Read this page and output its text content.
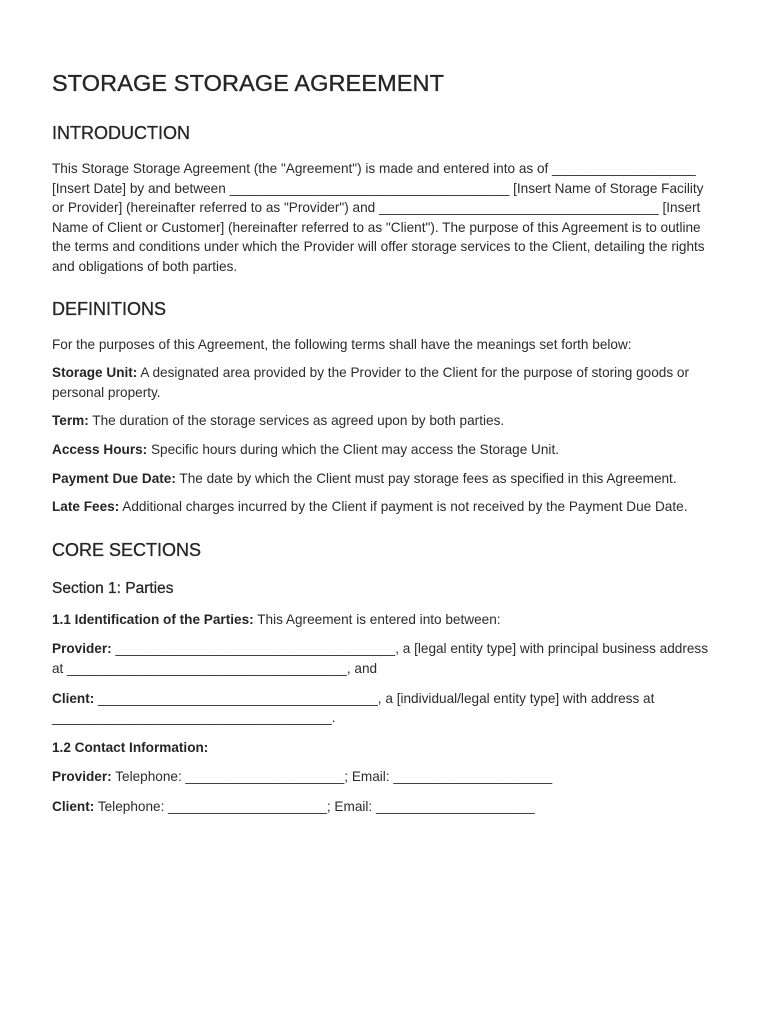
STORAGE STORAGE AGREEMENT
INTRODUCTION

This Storage Storage Agreement (the "Agreement") is made and entered into as of ___________________ [Insert Date] by and between _____________________________________ [Insert Name of Storage Facility or Provider] (hereinafter referred to as "Provider") and _____________________________________ [Insert Name of Client or Customer] (hereinafter referred to as "Client"). The purpose of this Agreement is to outline the terms and conditions under which the Provider will offer storage services to the Client, detailing the rights and obligations of both parties.

DEFINITIONS

For the purposes of this Agreement, the following terms shall have the meanings set forth below:

Storage Unit: A designated area provided by the Provider to the Client for the purpose of storing goods or personal property.

Term: The duration of the storage services as agreed upon by both parties.

Access Hours: Specific hours during which the Client may access the Storage Unit.

Payment Due Date: The date by which the Client must pay storage fees as specified in this Agreement.

Late Fees: Additional charges incurred by the Client if payment is not received by the Payment Due Date.

CORE SECTIONS
Section 1: Parties

1.1 Identification of the Parties: This Agreement is entered into between:

Provider: _____________________________________, a [legal entity type] with principal business address at _____________________________________, and

Client: _____________________________________, a [individual/legal entity type] with address at _____________________________________.

1.2 Contact Information:

Provider: Telephone: _____________________; Email: _____________________

Client: Telephone: _____________________; Email: _____________________
